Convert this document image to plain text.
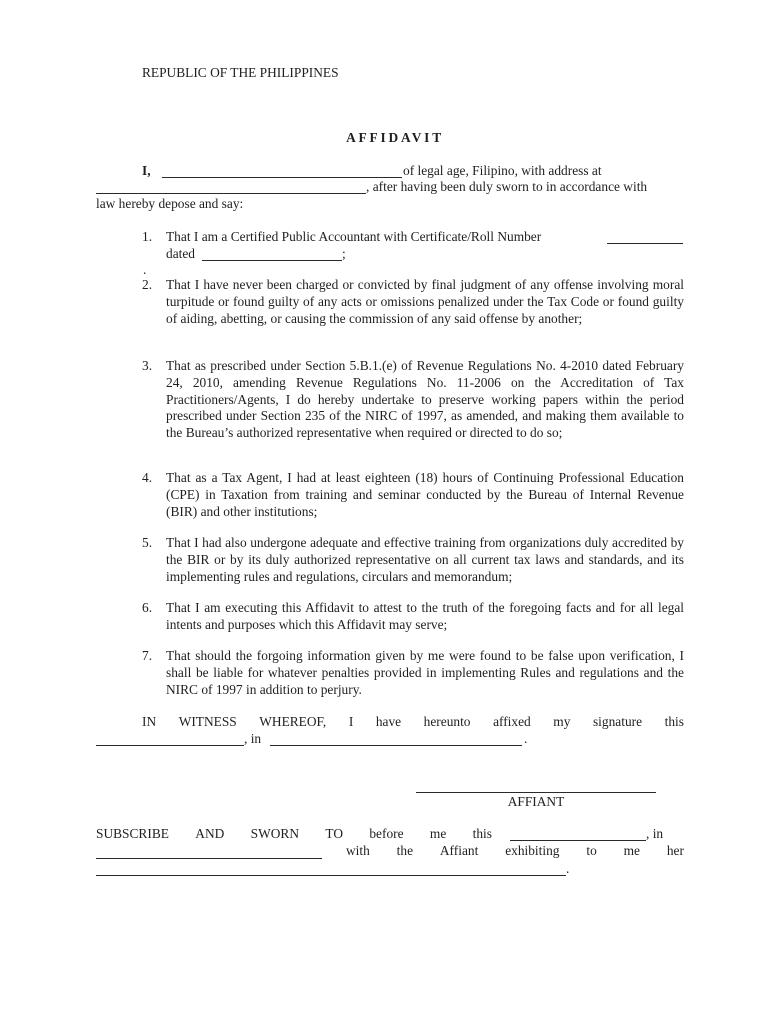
REPUBLIC OF THE PHILIPPINES
AFFIDAVIT
I,	of legal age, Filipino, with address at
, after having been duly sworn to in accordance with
law hereby depose and say:
1. That I am a Certified Public Accountant with Certificate/Roll Number
dated	;
.
2. That I have never been charged or convicted by final judgment of any offense involving moral turpitude or found guilty of any acts or omissions penalized under the Tax Code or found guilty of aiding, abetting, or causing the commission of any said offense by another;
3. That as prescribed under Section 5.B.1.(e) of Revenue Regulations No. 4-2010 dated February 24, 2010, amending Revenue Regulations No. 11-2006 on the Accreditation of Tax Practitioners/Agents, I do hereby undertake to preserve working papers within the period prescribed under Section 235 of the NIRC of 1997, as amended, and making them available to the Bureau’s authorized representative when required or directed to do so;
4. That as a Tax Agent, I had at least eighteen (18) hours of Continuing Professional Education (CPE) in Taxation from training and seminar conducted by the Bureau of Internal Revenue (BIR) and other institutions;
5. That I had also undergone adequate and effective training from organizations duly accredited by the BIR or by its duly authorized representative on all current tax laws and standards, and its implementing rules and regulations, circulars and memorandum;
6. That I am executing this Affidavit to attest to the truth of the foregoing facts and for all legal intents and purposes which this Affidavit may serve;
7. That should the forgoing information given by me were found to be false upon verification, I shall be liable for whatever penalties provided in implementing Rules and regulations and the NIRC of 1997 in addition to perjury.
IN WITNESS WHEREOF, I have hereunto affixed my signature this
, in	.
AFFIANT
SUBSCRIBE AND SWORN TO before me this	, in
with the Affiant exhibiting to me her
.
